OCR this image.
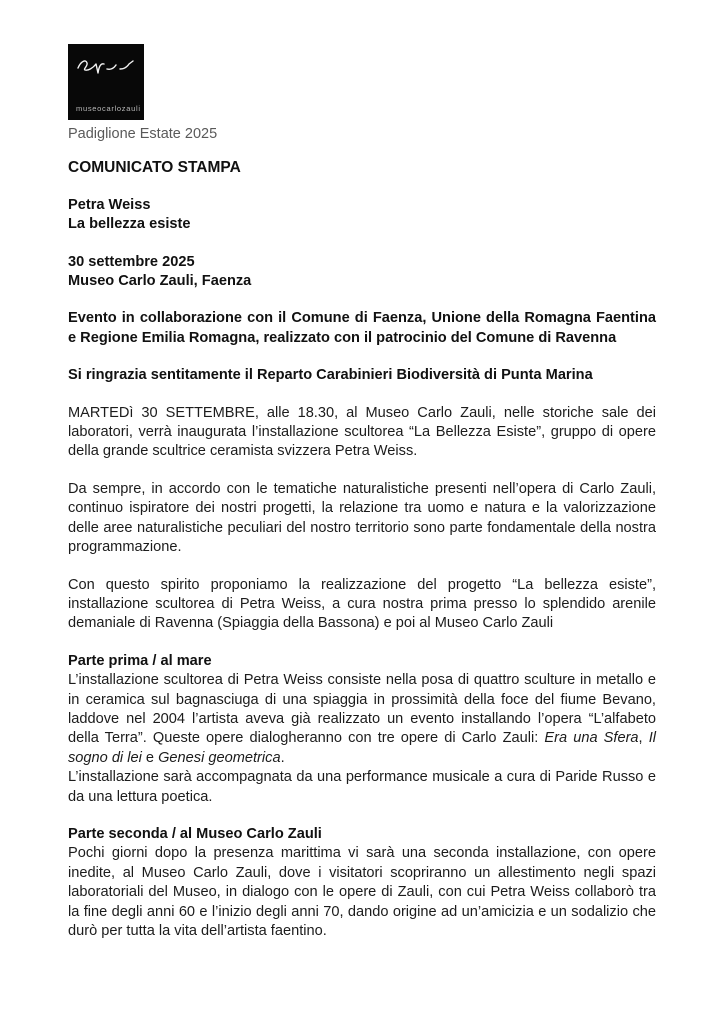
museocarlozauli

Padiglione Estate 2025

COMUNICATO STAMPA
Petra Weiss
La bellezza esiste
30 settembre 2025
Museo Carlo Zauli, Faenza

Evento in collaborazione con il Comune di Faenza, Unione della Romagna Faentina e Regione Emilia Romagna, realizzato con il patrocinio del Comune di Ravenna

Si ringrazia sentitamente il Reparto Carabinieri Biodiversità di Punta Marina

MARTEDì 30 SETTEMBRE, alle 18.30, al Museo Carlo Zauli, nelle storiche sale dei laboratori, verrà inaugurata l’installazione scultorea “La Bellezza Esiste”, gruppo di opere della grande scultrice ceramista svizzera Petra Weiss.

Da sempre, in accordo con le tematiche naturalistiche presenti nell’opera di Carlo Zauli, continuo ispiratore dei nostri progetti, la relazione tra uomo e natura e la valorizzazione delle aree naturalistiche peculiari del nostro territorio sono parte fondamentale della nostra programmazione.

Con questo spirito proponiamo la realizzazione del progetto “La bellezza esiste”, installazione scultorea di Petra Weiss, a cura nostra prima presso lo splendido arenile demaniale di Ravenna (Spiaggia della Bassona) e poi al Museo Carlo Zauli

Parte prima / al mare

L’installazione scultorea di Petra Weiss consiste nella posa di quattro sculture in metallo e in ceramica sul bagnasciuga di una spiaggia in prossimità della foce del fiume Bevano, laddove nel 2004 l’artista aveva già realizzato un evento installando l’opera “L’alfabeto della Terra”. Queste opere dialogheranno con tre opere di Carlo Zauli: Era una Sfera, Il sogno di lei e Genesi geometrica.

L’installazione sarà accompagnata da una performance musicale a cura di Paride Russo e da una lettura poetica.

Parte seconda / al Museo Carlo Zauli

Pochi giorni dopo la presenza marittima vi sarà una seconda installazione, con opere inedite, al Museo Carlo Zauli, dove i visitatori scopriranno un allestimento negli spazi laboratoriali del Museo, in dialogo con le opere di Zauli, con cui Petra Weiss collaborò tra la fine degli anni 60 e l’inizio degli anni 70, dando origine ad un’amicizia e un sodalizio che durò per tutta la vita dell’artista faentino.
